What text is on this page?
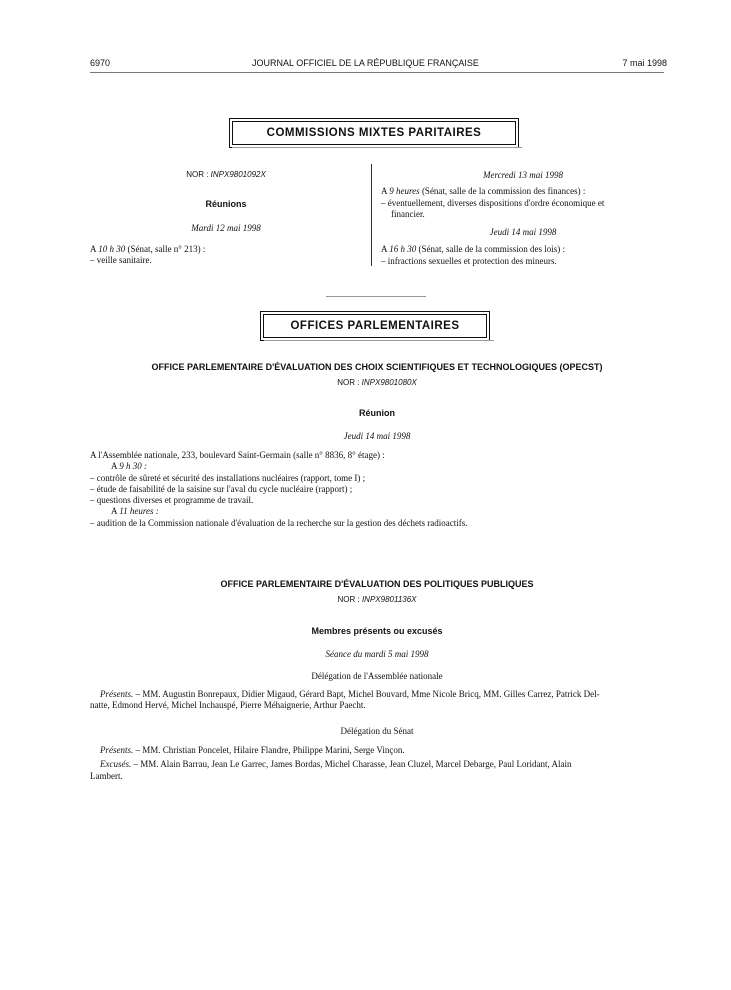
6970	JOURNAL OFFICIEL DE LA RÉPUBLIQUE FRANÇAISE	7 mai 1998
COMMISSIONS MIXTES PARITAIRES
NOR : INPX9801092X
Réunions
Mardi 12 mai 1998
A 10 h 30 (Sénat, salle n° 213) :
– veille sanitaire.
Mercredi 13 mai 1998
A 9 heures (Sénat, salle de la commission des finances) :
– éventuellement, diverses dispositions d'ordre économique et
financier.
Jeudi 14 mai 1998
A 16 h 30 (Sénat, salle de la commission des lois) :
– infractions sexuelles et protection des mineurs.
OFFICES PARLEMENTAIRES
OFFICE PARLEMENTAIRE D'ÉVALUATION DES CHOIX SCIENTIFIQUES ET TECHNOLOGIQUES (OPECST)
NOR : INPX9801080X
Réunion
Jeudi 14 mai 1998
A l'Assemblée nationale, 233, boulevard Saint-Germain (salle n° 8836, 8° étage) :
A 9 h 30 :
– contrôle de sûreté et sécurité des installations nucléaires (rapport, tome I) ;
– étude de faisabilité de la saisine sur l'aval du cycle nucléaire (rapport) ;
– questions diverses et programme de travail.
A 11 heures :
– audition de la Commission nationale d'évaluation de la recherche sur la gestion des déchets radioactifs.
OFFICE PARLEMENTAIRE D'ÉVALUATION DES POLITIQUES PUBLIQUES
NOR : INPX9801136X
Membres présents ou excusés
Séance du mardi 5 mai 1998
Délégation de l'Assemblée nationale
Présents. – MM. Augustin Bonrepaux, Didier Migaud, Gérard Bapt, Michel Bouvard, Mme Nicole Bricq, MM. Gilles Carrez, Patrick Del-
natte, Edmond Hervé, Michel Inchauspé, Pierre Méhaignerie, Arthur Paecht.
Délégation du Sénat
Présents. – MM. Christian Poncelet, Hilaire Flandre, Philippe Marini, Serge Vinçon.
Excusés. – MM. Alain Barrau, Jean Le Garrec, James Bordas, Michel Charasse, Jean Cluzel, Marcel Debarge, Paul Loridant, Alain
Lambert.
